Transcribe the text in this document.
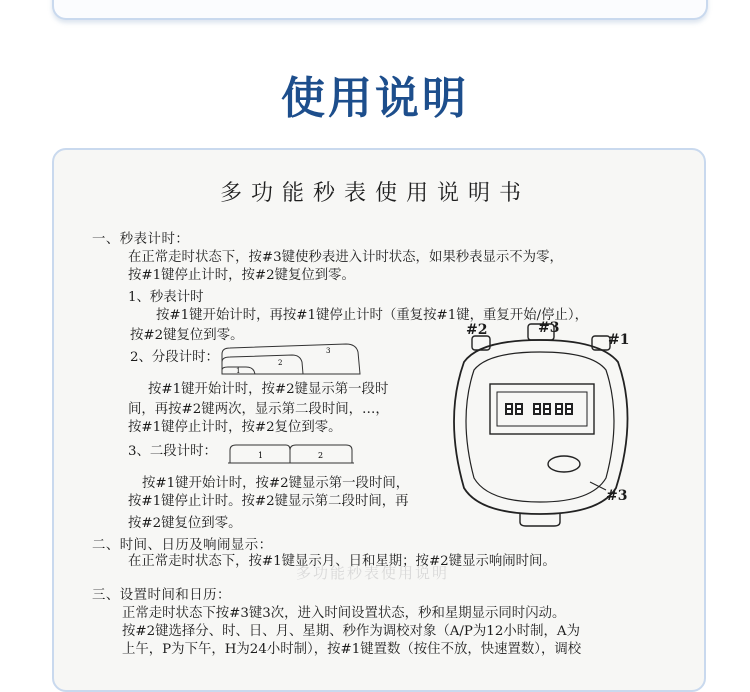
使用说明
多功能秒表使用说明书
一、秒表计时：
在正常走时状态下，按#3键使秒表进入计时状态，如果秒表显示不为零，
按#1键停止计时，按#2键复位到零。
1、秒表计时
按#1键开始计时，再按#1键停止计时（重复按#1键，重复开始/停止），
按#2键复位到零。
2、分段计时：
1
2
3
按#1键开始计时，按#2键显示第一段时
间，再按#2键两次，显示第二段时间，…，
按#1键停止计时，按#2复位到零。
3、二段计时：	1	2
按#1键开始计时，按#2键显示第一段时间，
按#1键停止计时。按#2键显示第二段时间，再
按#2键复位到零。
二、时间、日历及响闹显示：
在正常走时状态下，按#1键显示月、日和星期；按#2键显示响闹时间。
多功能秒表使用说明
三、设置时间和日历：
正常走时状态下按#3键3次，进入时间设置状态，秒和星期显示同时闪动。
按#2键选择分、时、日、月、星期、秒作为调校对象（A/P为12小时制，A为
上午，P为下午，H为24小时制），按#1键置数（按住不放，快速置数），调校
#2	#3
#1
#3
